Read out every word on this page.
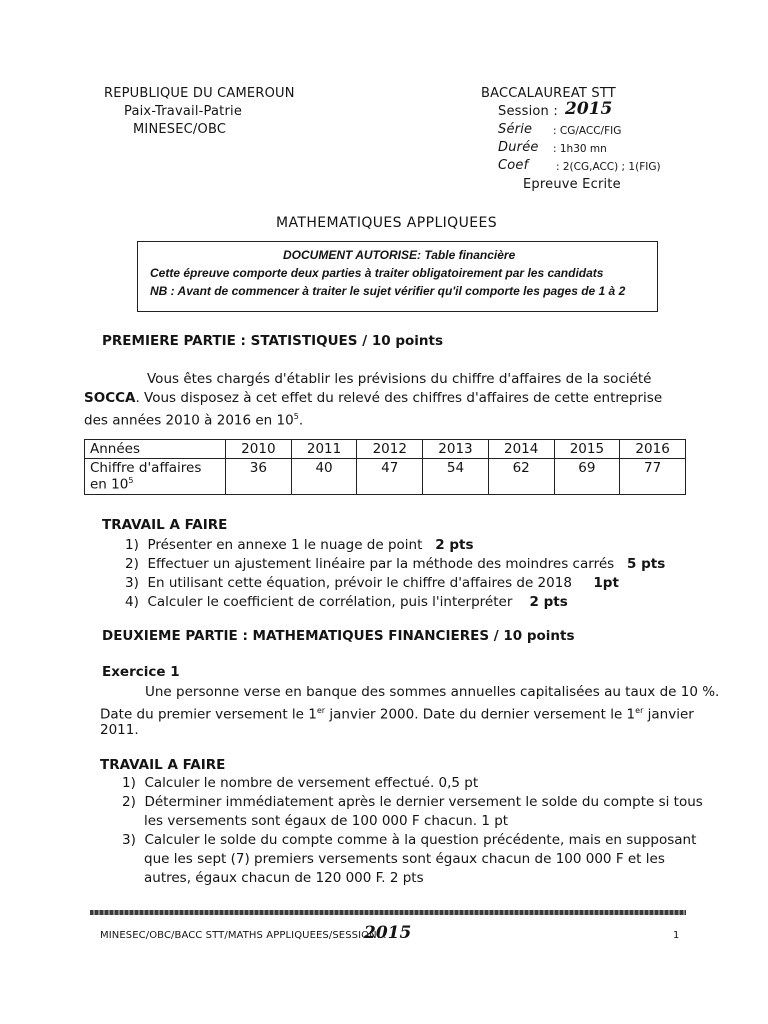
REPUBLIQUE DU CAMEROUN
Paix-Travail-Patrie
MINESEC/OBC
BACCALAUREAT STT
Session : 2015
Série : CG/ACC/FIG
Durée : 1h30 mn
Coef	: 2(CG,ACC) ; 1(FIG)
Epreuve Ecrite
MATHEMATIQUES APPLIQUEES
DOCUMENT AUTORISE: Table financière
Cette épreuve comporte deux parties à traiter obligatoirement par les candidats
NB : Avant de commencer à traiter le sujet vérifier qu'il comporte les pages de 1 à 2
PREMIERE PARTIE : STATISTIQUES / 10 points
Vous êtes chargés d'établir les prévisions du chiffre d'affaires de la société
SOCCA. Vous disposez à cet effet du relevé des chiffres d'affaires de cette entreprise
des années 2010 à 2016 en $10^5$.
Années	2010	2011	2012	2013	2014	2015	2016

Chiffre d'affaires
en $10^5$	36	40	47	54	62	69	77
TRAVAIL A FAIRE
1) Présenter en annexe 1 le nuage de point 2 pts
2) Effectuer un ajustement linéaire par la méthode des moindres carrés 5 pts
3) En utilisant cette équation, prévoir le chiffre d'affaires de 2018 1pt
4) Calculer le coefficient de corrélation, puis l'interpréter 2 pts
DEUXIEME PARTIE : MATHEMATIQUES FINANCIERES / 10 points
Exercice 1
Une personne verse en banque des sommes annuelles capitalisées au taux de 10 %.
Date du premier versement le 1er janvier 2000. Date du dernier versement le 1er janvier
2011.
TRAVAIL A FAIRE
1) Calculer le nombre de versement effectué. 0,5 pt
2) Déterminer immédiatement après le dernier versement le solde du compte si tous
les versements sont égaux de 100 000 F chacun. 1 pt
3) Calculer le solde du compte comme à la question précédente, mais en supposant
que les sept (7) premiers versements sont égaux chacun de 100 000 F et les
autres, égaux chacun de 120 000 F. 2 pts
MINESEC/OBC/BACC STT/MATHS APPLIQUEES/SESSION...
2015	1
